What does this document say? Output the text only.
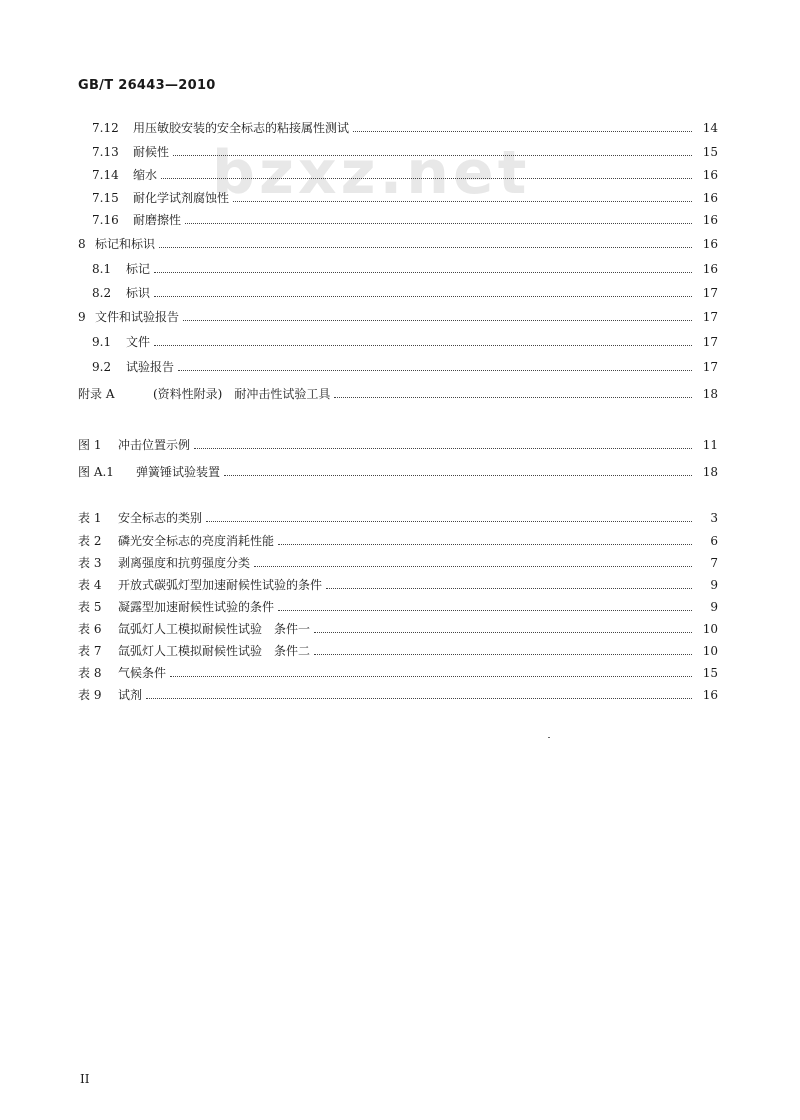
GB/T 26443—2010
bzxz.net
7.12	用压敏胶安装的安全标志的粘接属性测试	14
7.13	耐候性	15
7.14	缩水	16
7.15	耐化学试剂腐蚀性	16
7.16	耐磨擦性	16
8 标记和标识	16
8.1	标记	16
8.2	标识	17
9 文件和试验报告	17
9.1	文件	17
9.2	试验报告	17
附录 A	(资料性附录)　耐冲击性试验工具	18
图 1	冲击位置示例	11
图 A.1	弹簧锤试验装置	18
表 1	安全标志的类别	3
表 2	磷光安全标志的亮度消耗性能	6
表 3	剥离强度和抗剪强度分类	7
表 4	开放式碳弧灯型加速耐候性试验的条件	9
表 5	凝露型加速耐候性试验的条件	9
表 6	氙弧灯人工模拟耐候性试验　条件一	10
表 7	氙弧灯人工模拟耐候性试验　条件二	10
表 8	气候条件	15
表 9	试剂	16
II
